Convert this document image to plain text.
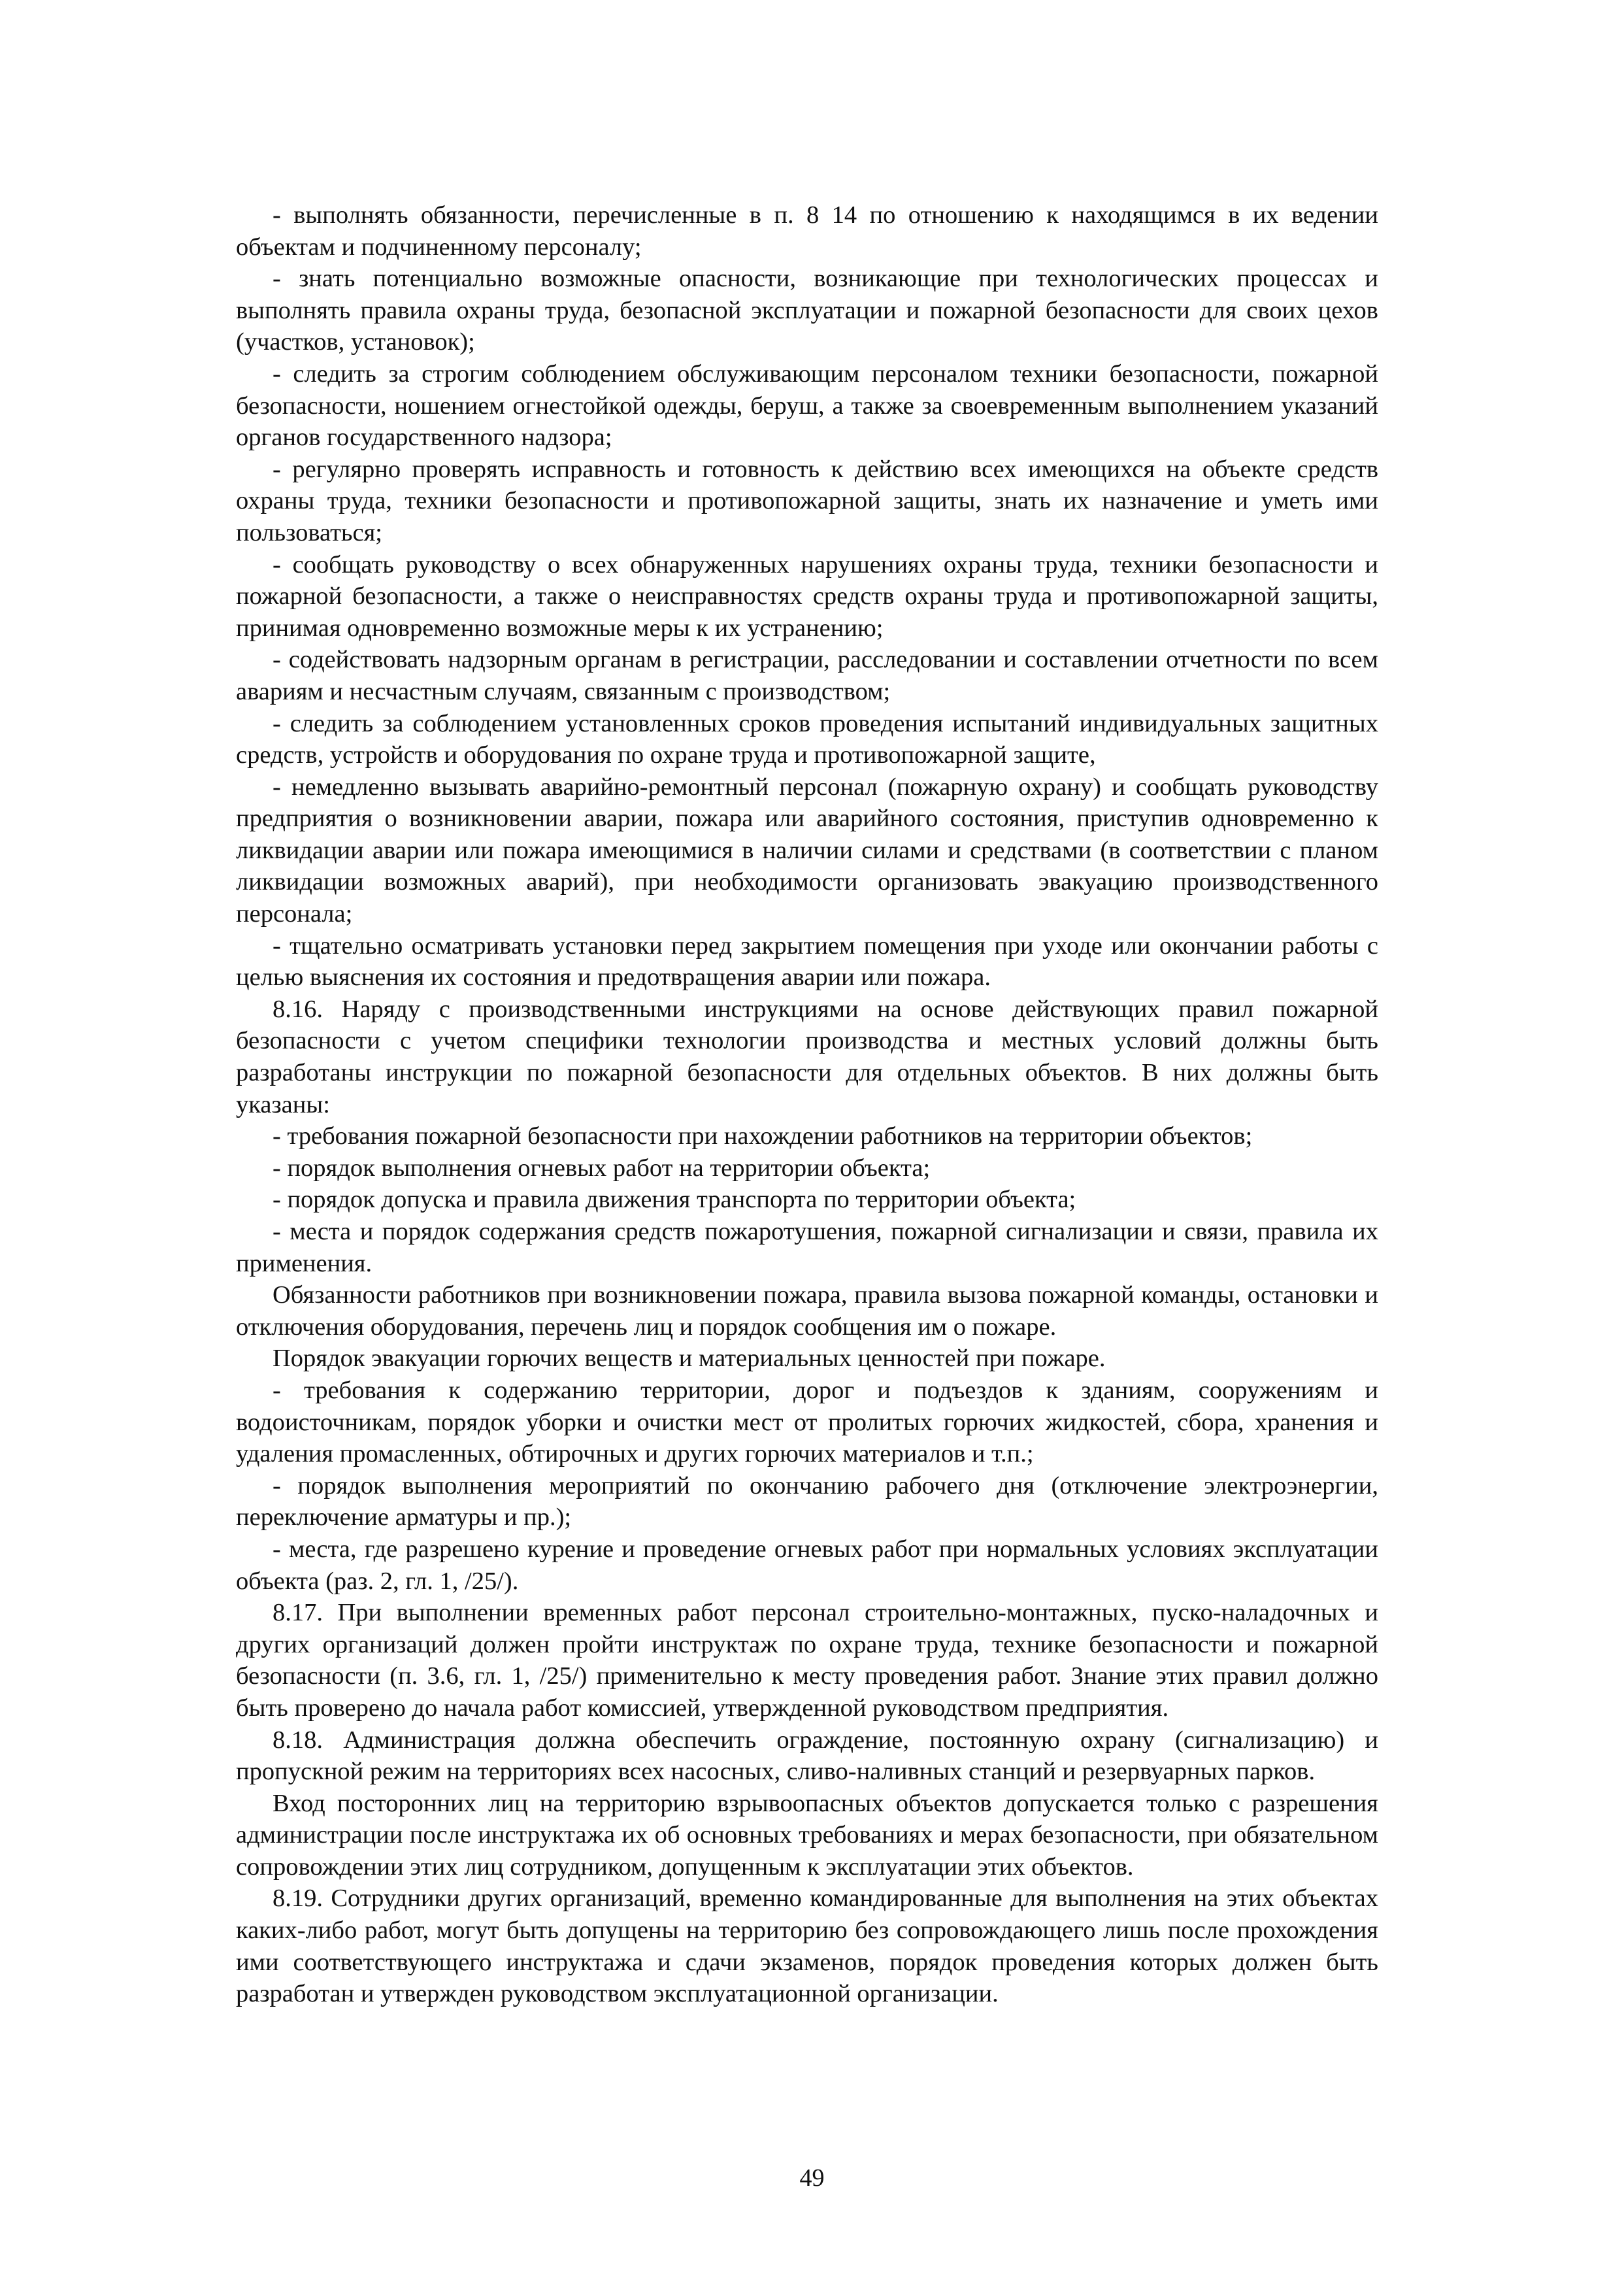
- выполнять обязанности, перечисленные в п. 8 14 по отношению к находящимся в их ведении объектам и подчиненному персоналу;

- знать потенциально возможные опасности, возникающие при технологических процессах и выполнять правила охраны труда, безопасной эксплуатации и пожарной безопасности для своих цехов (участков, установок);

- следить за строгим соблюдением обслуживающим персоналом техники безопасности, пожарной безопасности, ношением огнестойкой одежды, беруш, а также за своевременным выполнением указаний органов государственного надзора;

- регулярно проверять исправность и готовность к действию всех имеющихся на объекте средств охраны труда, техники безопасности и противопожарной защиты, знать их назначение и уметь ими пользоваться;

- сообщать руководству о всех обнаруженных нарушениях охраны труда, техники безопасности и пожарной безопасности, а также о неисправностях средств охраны труда и противопожарной защиты, принимая одновременно возможные меры к их устранению;

- содействовать надзорным органам в регистрации, расследовании и составлении отчетности по всем авариям и несчастным случаям, связанным с производством;

- следить за соблюдением установленных сроков проведения испытаний индивидуальных защитных средств, устройств и оборудования по охране труда и противопожарной защите,

- немедленно вызывать аварийно-ремонтный персонал (пожарную охрану) и сообщать руководству предприятия о возникновении аварии, пожара или аварийного состояния, приступив одновременно к ликвидации аварии или пожара имеющимися в наличии силами и средствами (в соответствии с планом ликвидации возможных аварий), при необходимости организовать эвакуацию производственного персонала;

- тщательно осматривать установки перед закрытием помещения при уходе или окончании работы с целью выяснения их состояния и предотвращения аварии или пожара.

8.16. Наряду с производственными инструкциями на основе действующих правил пожарной безопасности с учетом специфики технологии производства и местных условий должны быть разработаны инструкции по пожарной безопасности для отдельных объектов. В них должны быть указаны:

- требования пожарной безопасности при нахождении работников на территории объектов;

- порядок выполнения огневых работ на территории объекта;

- порядок допуска и правила движения транспорта по территории объекта;

- места и порядок содержания средств пожаротушения, пожарной сигнализации и связи, правила их применения.

Обязанности работников при возникновении пожара, правила вызова пожарной команды, остановки и отключения оборудования, перечень лиц и порядок сообщения им о пожаре.

Порядок эвакуации горючих веществ и материальных ценностей при пожаре.

- требования к содержанию территории, дорог и подъездов к зданиям, сооружениям и водоисточникам, порядок уборки и очистки мест от пролитых горючих жидкостей, сбора, хранения и удаления промасленных, обтирочных и других горючих материалов и т.п.;

- порядок выполнения мероприятий по окончанию рабочего дня (отключение электроэнергии, переключение арматуры и пр.);

- места, где разрешено курение и проведение огневых работ при нормальных условиях эксплуатации объекта (раз. 2, гл. 1, /25/).

8.17. При выполнении временных работ персонал строительно-монтажных, пуско-наладочных и других организаций должен пройти инструктаж по охране труда, технике безопасности и пожарной безопасности (п. 3.6, гл. 1, /25/) применительно к месту проведения работ. Знание этих правил должно быть проверено до начала работ комиссией, утвержденной руководством предприятия.

8.18. Администрация должна обеспечить ограждение, постоянную охрану (сигнализацию) и пропускной режим на территориях всех насосных, сливо-наливных станций и резервуарных парков.

Вход посторонних лиц на территорию взрывоопасных объектов допускается только с разрешения администрации после инструктажа их об основных требованиях и мерах безопасности, при обязательном сопровождении этих лиц сотрудником, допущенным к эксплуатации этих объектов.

8.19. Сотрудники других организаций, временно командированные для выполнения на этих объектах каких-либо работ, могут быть допущены на территорию без сопровождающего лишь после прохождения ими соответствующего инструктажа и сдачи экзаменов, порядок проведения которых должен быть разработан и утвержден руководством эксплуатационной организации.

49
